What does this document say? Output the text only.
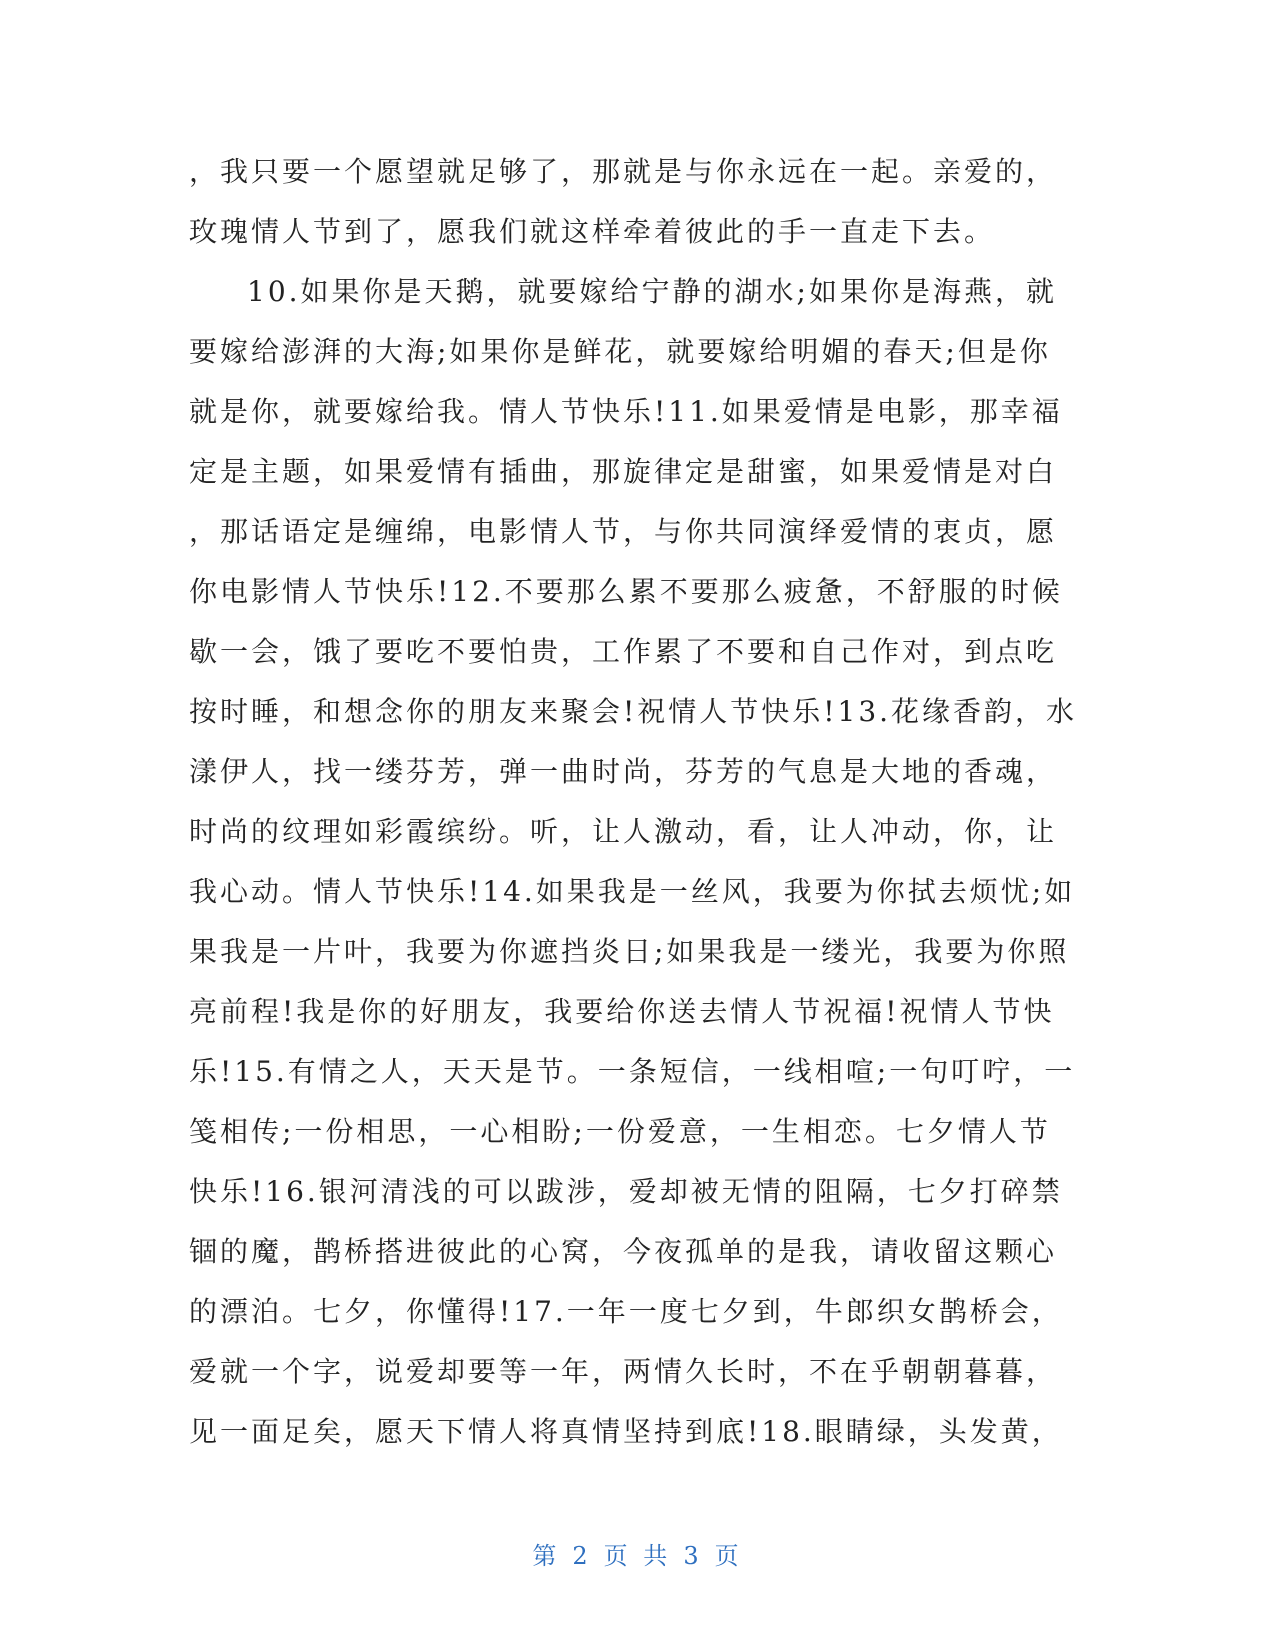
，我只要一个愿望就足够了，那就是与你永远在一起。亲爱的，
玫瑰情人节到了，愿我们就这样牵着彼此的手一直走下去。
10.如果你是天鹅，就要嫁给宁静的湖水;如果你是海燕，就
要嫁给澎湃的大海;如果你是鲜花，就要嫁给明媚的春天;但是你
就是你，就要嫁给我。情人节快乐!11.如果爱情是电影，那幸福
定是主题，如果爱情有插曲，那旋律定是甜蜜，如果爱情是对白
，那话语定是缠绵，电影情人节，与你共同演绎爱情的衷贞，愿
你电影情人节快乐!12.不要那么累不要那么疲惫，不舒服的时候
歇一会，饿了要吃不要怕贵，工作累了不要和自己作对，到点吃
按时睡，和想念你的朋友来聚会!祝情人节快乐!13.花缘香韵，水
漾伊人，找一缕芬芳，弹一曲时尚，芬芳的气息是大地的香魂，
时尚的纹理如彩霞缤纷。听，让人激动，看，让人冲动，你，让
我心动。情人节快乐!14.如果我是一丝风，我要为你拭去烦忧;如
果我是一片叶，我要为你遮挡炎日;如果我是一缕光，我要为你照
亮前程!我是你的好朋友，我要给你送去情人节祝福!祝情人节快
乐!15.有情之人，天天是节。一条短信，一线相喧;一句叮咛，一
笺相传;一份相思，一心相盼;一份爱意，一生相恋。七夕情人节
快乐!16.银河清浅的可以跋涉，爱却被无情的阻隔，七夕打碎禁
锢的魔，鹊桥搭进彼此的心窝，今夜孤单的是我，请收留这颗心
的漂泊。七夕，你懂得!17.一年一度七夕到，牛郎织女鹊桥会，
爱就一个字，说爱却要等一年，两情久长时，不在乎朝朝暮暮，
见一面足矣，愿天下情人将真情坚持到底!18.眼睛绿，头发黄，
第 2 页 共 3 页
